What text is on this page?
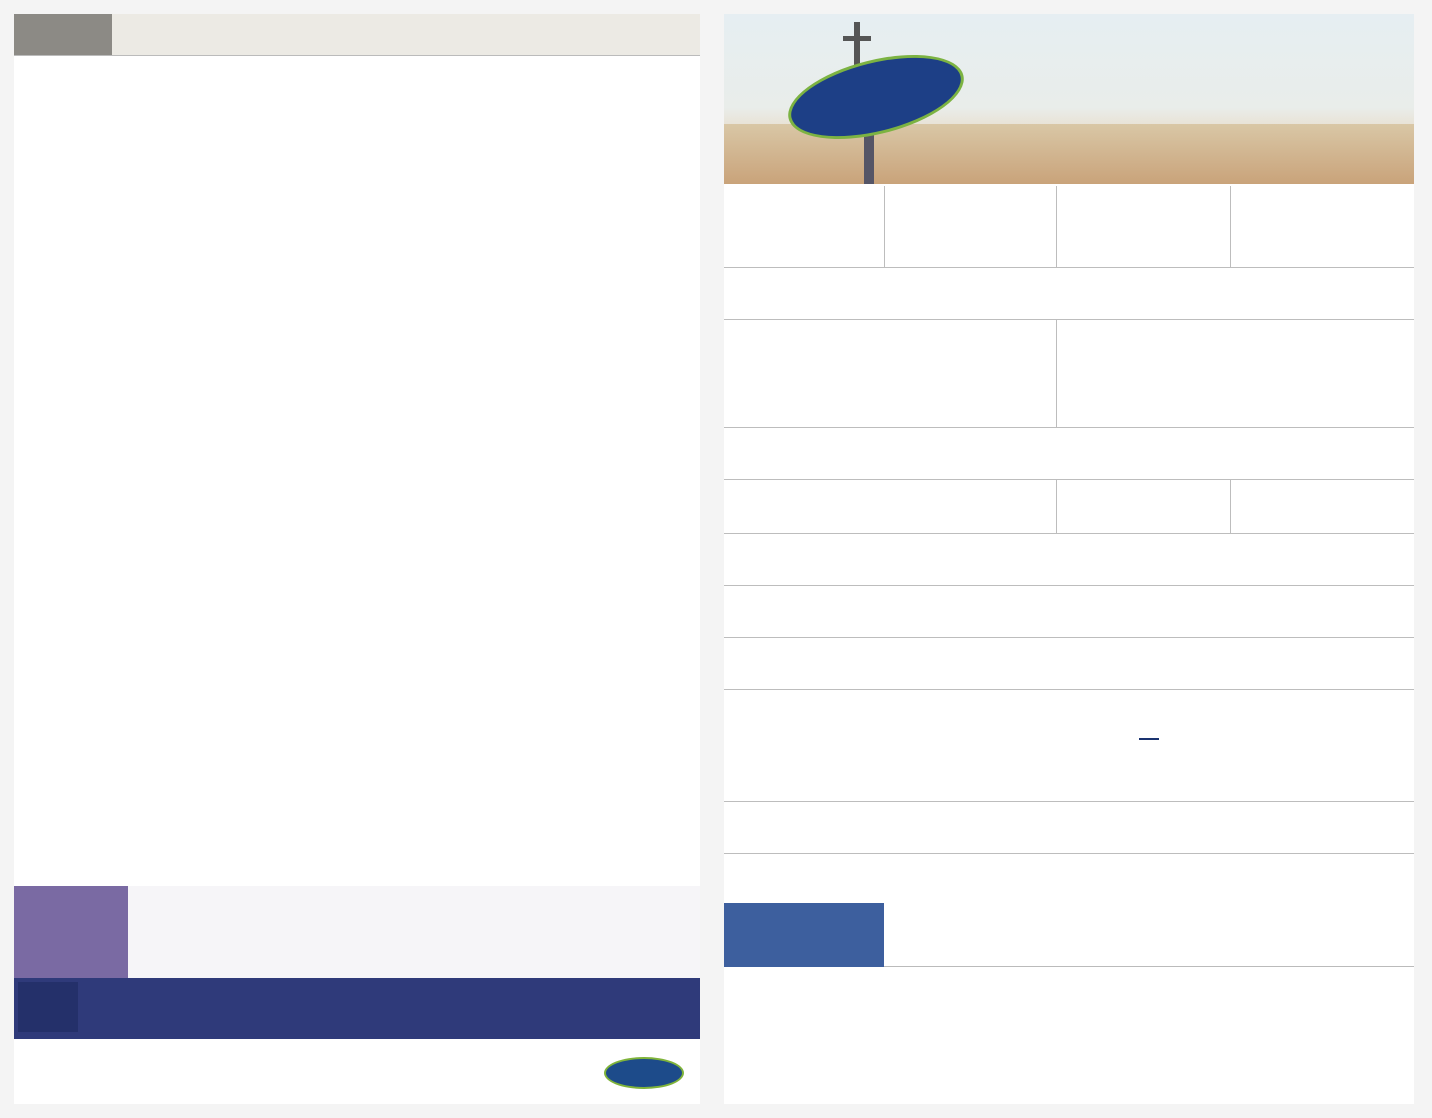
기	도
찬	양

설	교
축	도
